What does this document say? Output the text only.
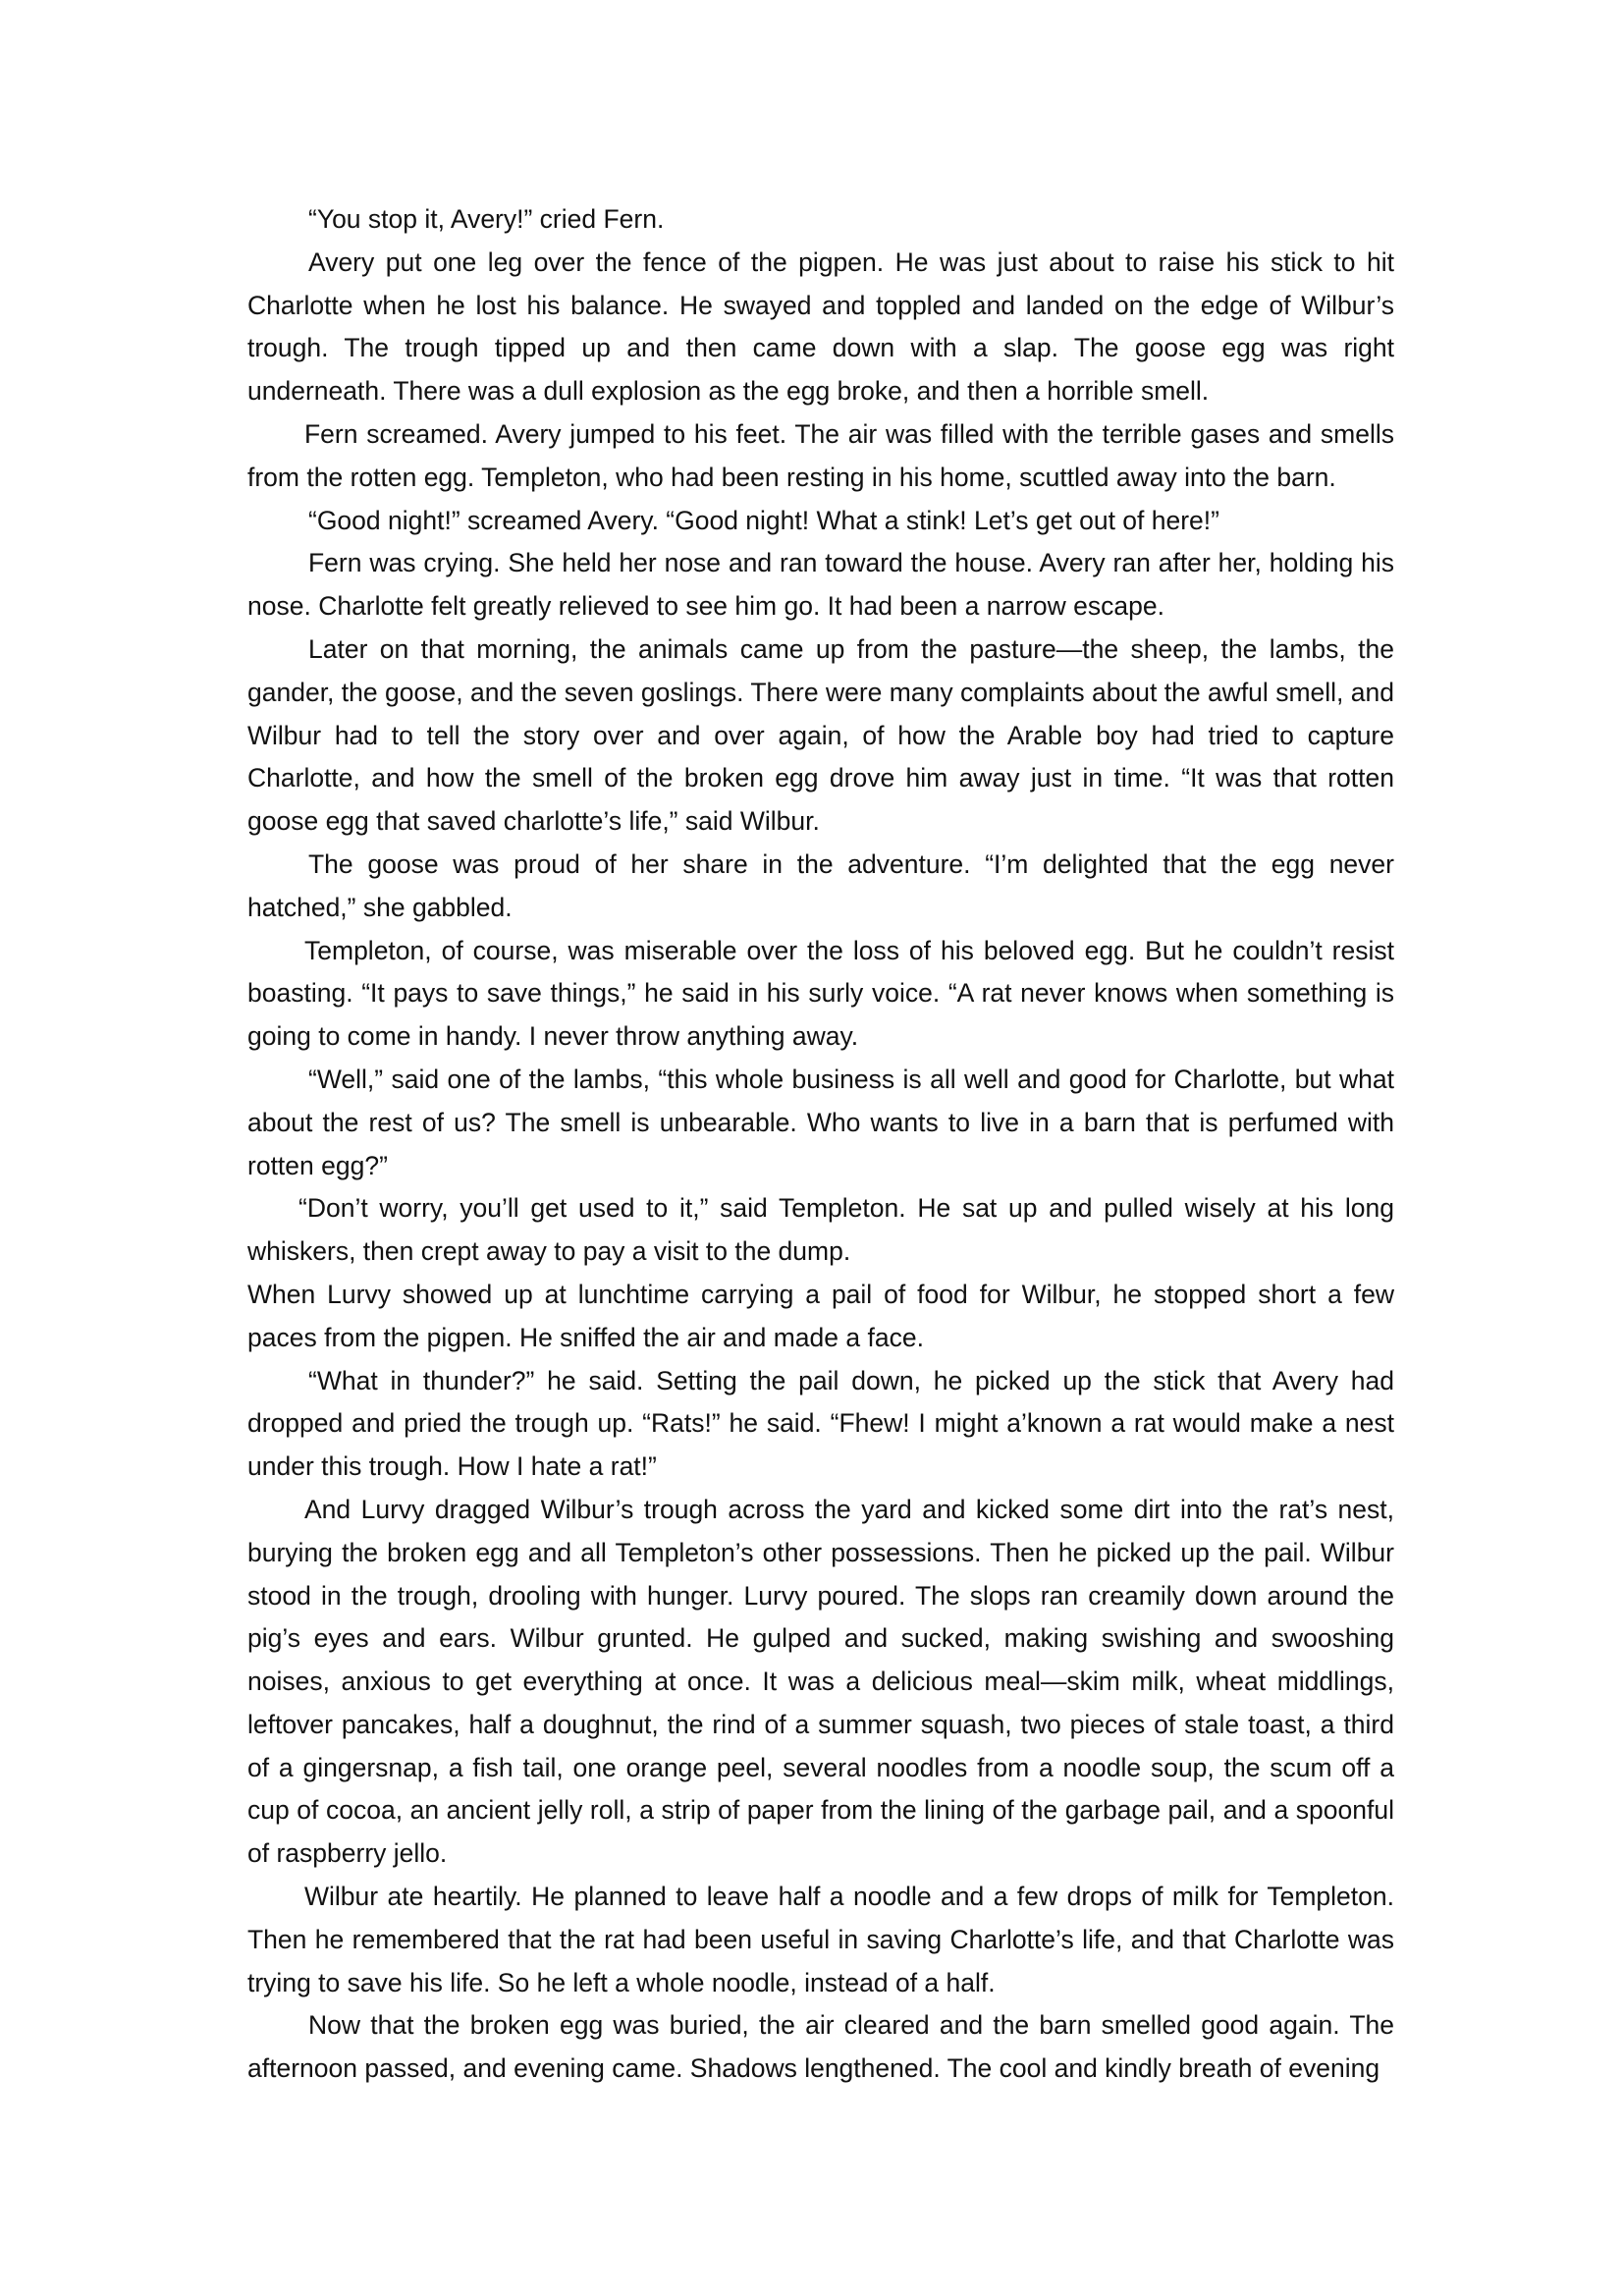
“You stop it, Avery!” cried Fern.

Avery put one leg over the fence of the pigpen. He was just about to raise his stick to hit Charlotte when he lost his balance. He swayed and toppled and landed on the edge of Wilbur’s trough. The trough tipped up and then came down with a slap. The goose egg was right underneath. There was a dull explosion as the egg broke, and then a horrible smell.

Fern screamed. Avery jumped to his feet. The air was filled with the terrible gases and smells from the rotten egg. Templeton, who had been resting in his home, scuttled away into the barn.

“Good night!” screamed Avery. “Good night! What a stink! Let’s get out of here!”

Fern was crying. She held her nose and ran toward the house. Avery ran after her, holding his nose. Charlotte felt greatly relieved to see him go. It had been a narrow escape.

Later on that morning, the animals came up from the pasture—the sheep, the lambs, the gander, the goose, and the seven goslings. There were many complaints about the awful smell, and Wilbur had to tell the story over and over again, of how the Arable boy had tried to capture Charlotte, and how the smell of the broken egg drove him away just in time. “It was that rotten goose egg that saved charlotte’s life,” said Wilbur.

The goose was proud of her share in the adventure. “I’m delighted that the egg never hatched,” she gabbled.

Templeton, of course, was miserable over the loss of his beloved egg. But he couldn’t resist boasting. “It pays to save things,” he said in his surly voice. “A rat never knows when something is going to come in handy. I never throw anything away.

“Well,” said one of the lambs, “this whole business is all well and good for Charlotte, but what about the rest of us? The smell is unbearable. Who wants to live in a barn that is perfumed with rotten egg?”

“Don’t worry, you’ll get used to it,” said Templeton. He sat up and pulled wisely at his long whiskers, then crept away to pay a visit to the dump.

When Lurvy showed up at lunchtime carrying a pail of food for Wilbur, he stopped short a few paces from the pigpen. He sniffed the air and made a face.

“What in thunder?” he said. Setting the pail down, he picked up the stick that Avery had dropped and pried the trough up. “Rats!” he said. “Fhew! I might a’known a rat would make a nest under this trough. How I hate a rat!”

And Lurvy dragged Wilbur’s trough across the yard and kicked some dirt into the rat’s nest, burying the broken egg and all Templeton’s other possessions. Then he picked up the pail. Wilbur stood in the trough, drooling with hunger. Lurvy poured. The slops ran creamily down around the pig’s eyes and ears. Wilbur grunted. He gulped and sucked, making swishing and swooshing noises, anxious to get everything at once. It was a delicious meal—skim milk, wheat middlings, leftover pancakes, half a doughnut, the rind of a summer squash, two pieces of stale toast, a third of a gingersnap, a fish tail, one orange peel, several noodles from a noodle soup, the scum off a cup of cocoa, an ancient jelly roll, a strip of paper from the lining of the garbage pail, and a spoonful of raspberry jello.

Wilbur ate heartily. He planned to leave half a noodle and a few drops of milk for Templeton. Then he remembered that the rat had been useful in saving Charlotte’s life, and that Charlotte was trying to save his life. So he left a whole noodle, instead of a half.

Now that the broken egg was buried, the air cleared and the barn smelled good again. The afternoon passed, and evening came. Shadows lengthened. The cool and kindly breath of evening
